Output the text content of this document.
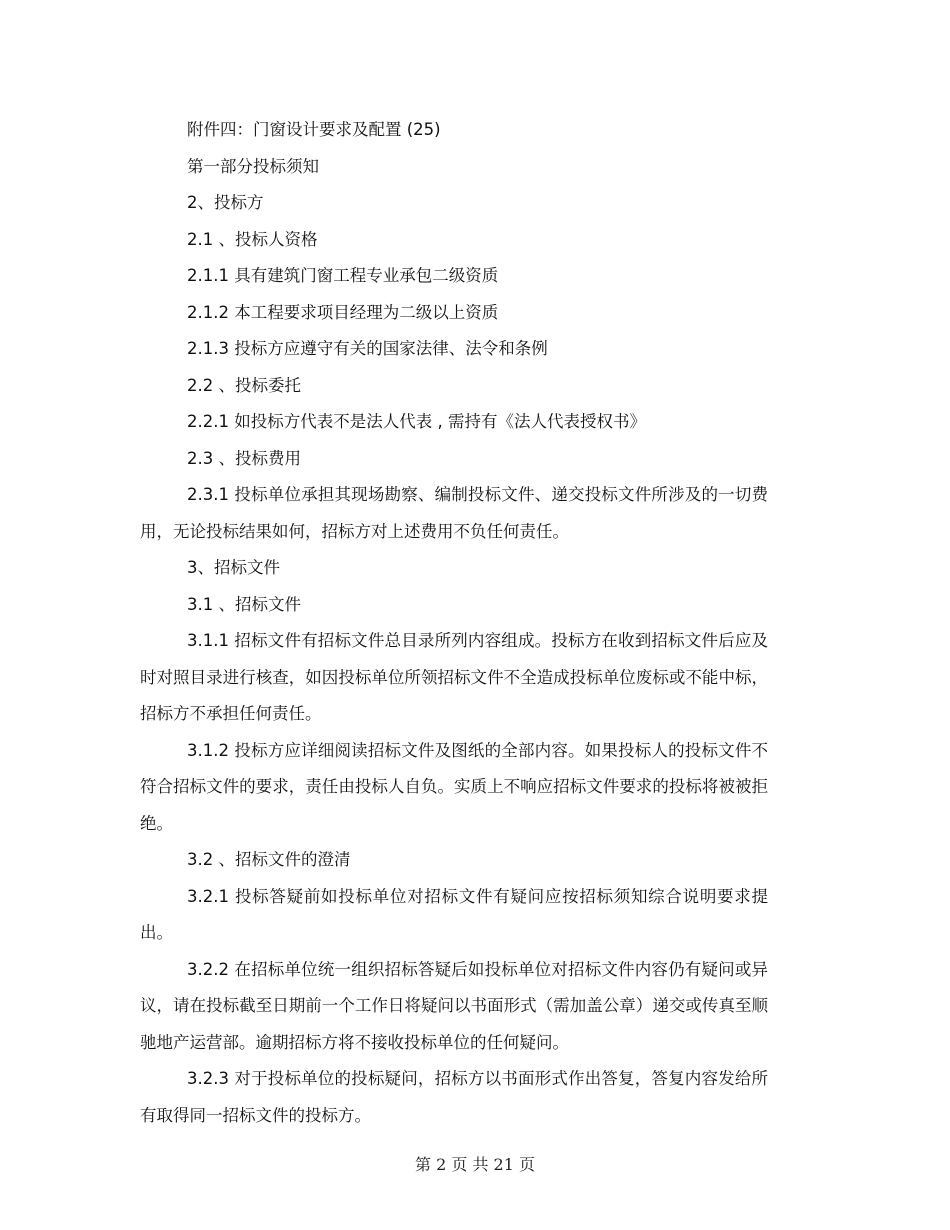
附件四：门窗设计要求及配置 (25)

第一部分投标须知

2、投标方

2.1 、投标人资格

2.1.1 具有建筑门窗工程专业承包二级资质

2.1.2 本工程要求项目经理为二级以上资质

2.1.3 投标方应遵守有关的国家法律、法令和条例

2.2 、投标委托

2.2.1 如投标方代表不是法人代表 , 需持有《法人代表授权书》

2.3 、投标费用

2.3.1 投标单位承担其现场勘察、编制投标文件、递交投标文件所涉及的一切费用，无论投标结果如何，招标方对上述费用不负任何责任。

3、招标文件

3.1 、招标文件

3.1.1 招标文件有招标文件总目录所列内容组成。投标方在收到招标文件后应及时对照目录进行核查，如因投标单位所领招标文件不全造成投标单位废标或不能中标，招标方不承担任何责任。

3.1.2 投标方应详细阅读招标文件及图纸的全部内容。如果投标人的投标文件不符合招标文件的要求，责任由投标人自负。实质上不响应招标文件要求的投标将被被拒绝。

3.2 、招标文件的澄清

3.2.1 投标答疑前如投标单位对招标文件有疑问应按招标须知综合说明要求提出。

3.2.2 在招标单位统一组织招标答疑后如投标单位对招标文件内容仍有疑问或异议，请在投标截至日期前一个工作日将疑问以书面形式（需加盖公章）递交或传真至顺驰地产运营部。逾期招标方将不接收投标单位的任何疑问。

3.2.3 对于投标单位的投标疑问，招标方以书面形式作出答复，答复内容发给所有取得同一招标文件的投标方。

第 2 页 共 21 页
